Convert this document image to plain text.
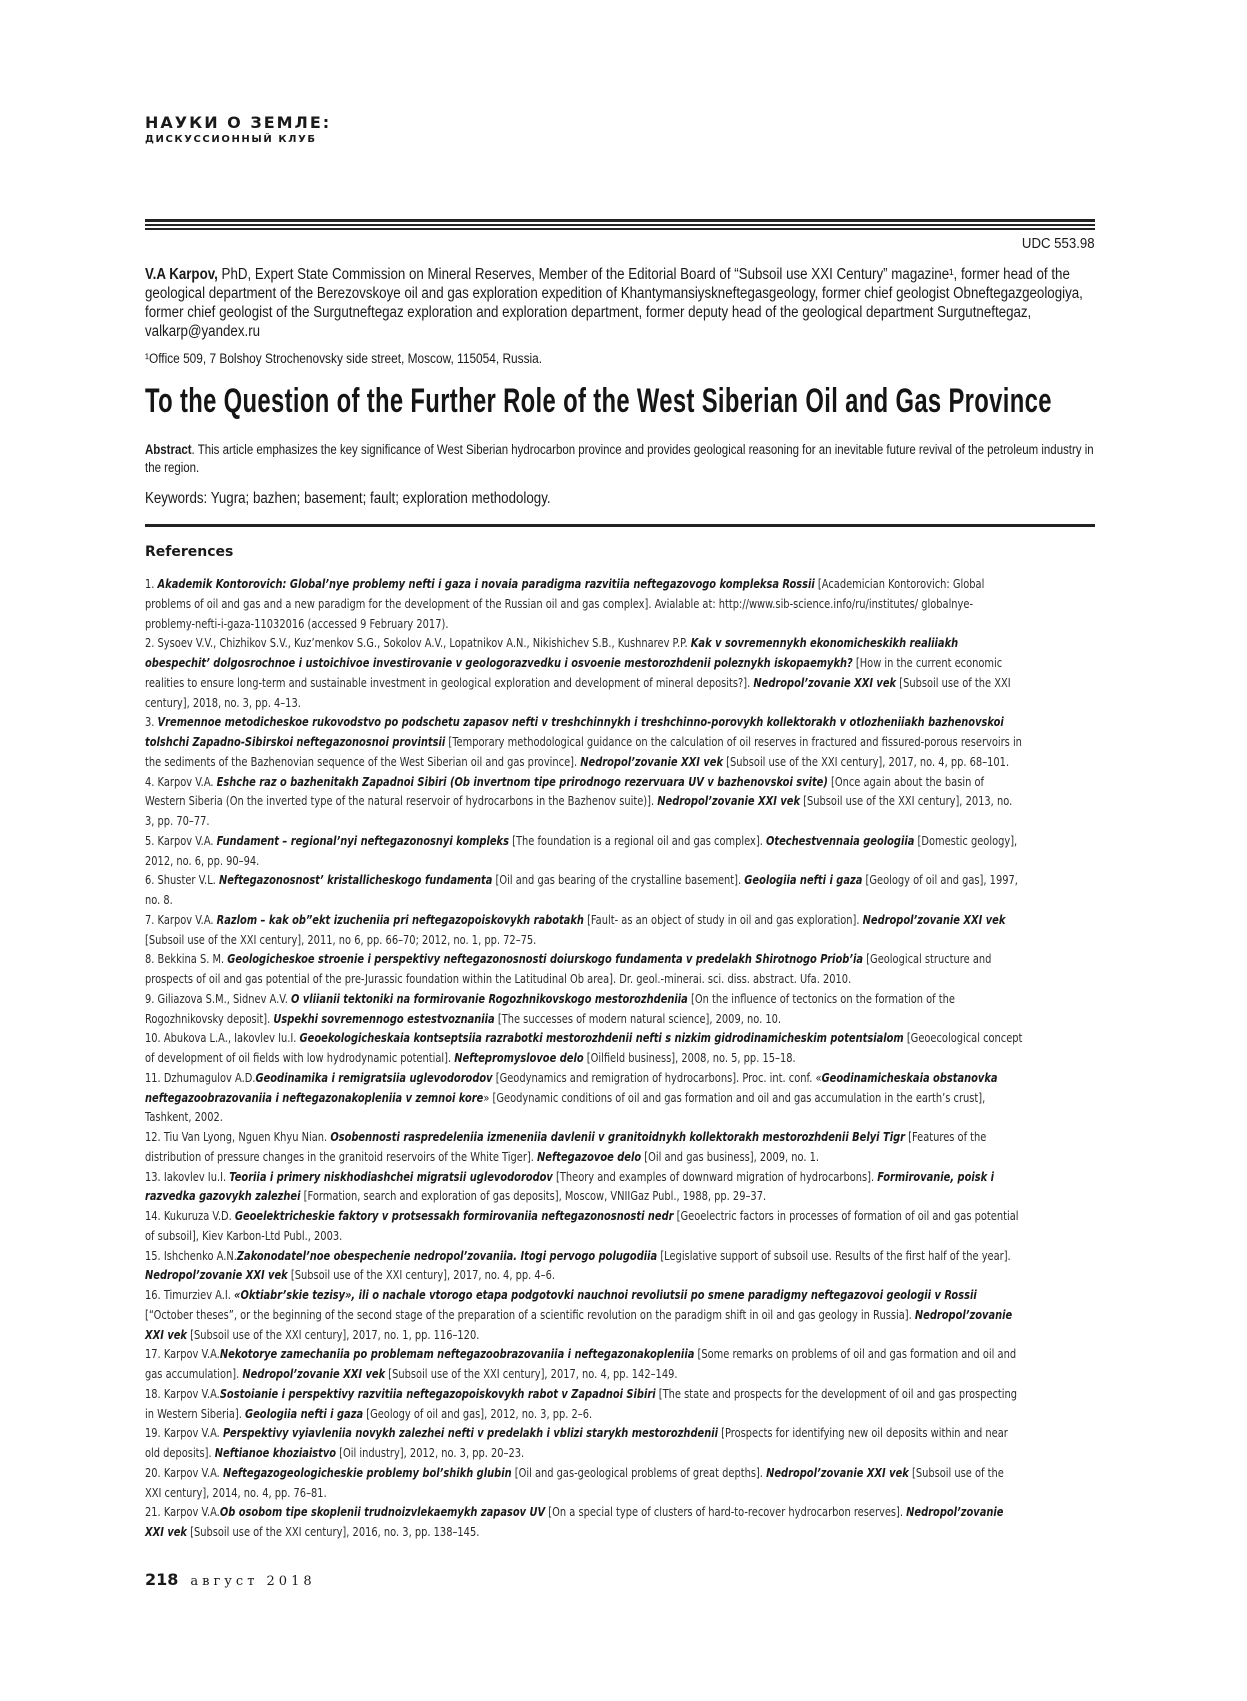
НАУКИ О ЗЕМЛЕ:
ДИСКУССИОННЫЙ КЛУБ
UDC 553.98
V.A Karpov, PhD, Expert State Commission on Mineral Reserves, Member of the Editorial Board of “Subsoil use XXI Century” magazine¹, former head of the geological department of the Berezovskoye oil and gas exploration expedition of Khantymansiyskneftegasgeology, former chief geologist Obneftegazgeologiya, former chief geologist of the Surgutneftegaz exploration and exploration department, former deputy head of the geological department Surgutneftegaz, valkarp@yandex.ru
¹Office 509, 7 Bolshoy Strochenovsky side street, Moscow, 115054, Russia.
To the Question of the Further Role of the West Siberian Oil and Gas Province
Abstract. This article emphasizes the key significance of West Siberian hydrocarbon province and provides geological reasoning for an inevitable future revival of the petroleum industry in the region.
Keywords: Yugra; bazhen; basement; fault; exploration methodology.
References

1. Akademik Kontorovich: Global’nye problemy nefti i gaza i novaia paradigma razvitiia neftegazovogo kompleksa Rossii [Academician Kontorovich: Global problems of oil and gas and a new paradigm for the development of the Russian oil and gas complex]. Avialable at: http://www.sib-science.info/ru/institutes/ globalnye-problemy-nefti-i-gaza-11032016 (accessed 9 February 2017).

2. Sysoev V.V., Chizhikov S.V., Kuz’menkov S.G., Sokolov A.V., Lopatnikov A.N., Nikishichev S.B., Kushnarev P.P. Kak v sovremennykh ekonomicheskikh realiiakh obespechit’ dolgosrochnoe i ustoichivoe investirovanie v geologorazvedku i osvoenie mestorozhdenii poleznykh iskopaemykh? [How in the current economic realities to ensure long-term and sustainable investment in geological exploration and development of mineral deposits?]. Nedropol’zovanie XXI vek [Subsoil use of the XXI century], 2018, no. 3, pp. 4–13.

3. Vremennoe metodicheskoe rukovodstvo po podschetu zapasov nefti v treshchinnykh i treshchinno-porovykh kollektorakh v otlozheniiakh bazhenovskoi tolshchi Zapadno-Sibirskoi neftegazonosnoi provintsii [Temporary methodological guidance on the calculation of oil reserves in fractured and fissured-porous reservoirs in the sediments of the Bazhenovian sequence of the West Siberian oil and gas province]. Nedropol’zovanie XXI vek [Subsoil use of the XXI century], 2017, no. 4, pp. 68–101.

4. Karpov V.A. Eshche raz o bazhenitakh Zapadnoi Sibiri (Ob invertnom tipe prirodnogo rezervuara UV v bazhenovskoi svite) [Once again about the basin of Western Siberia (On the inverted type of the natural reservoir of hydrocarbons in the Bazhenov suite)]. Nedropol’zovanie XXI vek [Subsoil use of the XXI century], 2013, no. 3, pp. 70–77.

5. Karpov V.A. Fundament – regional’nyi neftegazonosnyi kompleks [The foundation is a regional oil and gas complex]. Otechestvennaia geologiia [Domestic geology], 2012, no. 6, pp. 90–94.

6. Shuster V.L. Neftegazonosnost’ kristallicheskogo fundamenta [Oil and gas bearing of the crystalline basement]. Geologiia nefti i gaza [Geology of oil and gas], 1997, no. 8.

7. Karpov V.A. Razlom – kak ob”ekt izucheniia pri neftegazopoiskovykh rabotakh [Fault- as an object of study in oil and gas exploration]. Nedropol’zovanie XXI vek [Subsoil use of the XXI century], 2011, no 6, pp. 66–70; 2012, no. 1, pp. 72–75.

8. Bekkina S. M. Geologicheskoe stroenie i perspektivy neftegazonosnosti doiurskogo fundamenta v predelakh Shirotnogo Priob’ia [Geological structure and prospects of oil and gas potential of the pre-Jurassic foundation within the Latitudinal Ob area]. Dr. geol.-minerai. sci. diss. abstract. Ufa. 2010.

9. Giliazova S.M., Sidnev A.V. O vliianii tektoniki na formirovanie Rogozhnikovskogo mestorozhdeniia [On the influence of tectonics on the formation of the Rogozhnikovsky deposit]. Uspekhi sovremennogo estestvoznaniia [The successes of modern natural science], 2009, no. 10.

10. Abukova L.A., Iakovlev Iu.I. Geoekologicheskaia kontseptsiia razrabotki mestorozhdenii nefti s nizkim gidrodinamicheskim potentsialom [Geoecological concept of development of oil fields with low hydrodynamic potential]. Neftepromyslovoe delo [Oilfield business], 2008, no. 5, pp. 15–18.

11. Dzhumagulov A.D.Geodinamika i remigratsiia uglevodorodov [Geodynamics and remigration of hydrocarbons]. Proc. int. conf. «Geodinamicheskaia obstanovka neftegazoobrazovaniia i neftegazonakopleniia v zemnoi kore» [Geodynamic conditions of oil and gas formation and oil and gas accumulation in the earth’s crust], Tashkent, 2002.

12. Tiu Van Lyong, Nguen Khyu Nian. Osobennosti raspredeleniia izmeneniia davlenii v granitoidnykh kollektorakh mestorozhdenii Belyi Tigr [Features of the distribution of pressure changes in the granitoid reservoirs of the White Tiger]. Neftegazovoe delo [Oil and gas business], 2009, no. 1.

13. Iakovlev Iu.I. Teoriia i primery niskhodiashchei migratsii uglevodorodov [Theory and examples of downward migration of hydrocarbons]. Formirovanie, poisk i razvedka gazovykh zalezhei [Formation, search and exploration of gas deposits], Moscow, VNIIGaz Publ., 1988, pp. 29–37.

14. Kukuruza V.D. Geoelektricheskie faktory v protsessakh formirovaniia neftegazonosnosti nedr [Geoelectric factors in processes of formation of oil and gas potential of subsoil], Kiev Karbon-Ltd Publ., 2003.

15. Ishchenko A.N.Zakonodatel’noe obespechenie nedropol’zovaniia. Itogi pervogo polugodiia [Legislative support of subsoil use. Results of the first half of the year]. Nedropol’zovanie XXI vek [Subsoil use of the XXI century], 2017, no. 4, pp. 4–6.

16. Timurziev A.I. «Oktiabr’skie tezisy», ili o nachale vtorogo etapa podgotovki nauchnoi revoliutsii po smene paradigmy neftegazovoi geologii v Rossii [“October theses”, or the beginning of the second stage of the preparation of a scientific revolution on the paradigm shift in oil and gas geology in Russia]. Nedropol’zovanie XXI vek [Subsoil use of the XXI century], 2017, no. 1, pp. 116–120.

17. Karpov V.A.Nekotorye zamechaniia po problemam neftegazoobrazovaniia i neftegazonakopleniia [Some remarks on problems of oil and gas formation and oil and gas accumulation]. Nedropol’zovanie XXI vek [Subsoil use of the XXI century], 2017, no. 4, pp. 142–149.

18. Karpov V.A.Sostoianie i perspektivy razvitiia neftegazopoiskovykh rabot v Zapadnoi Sibiri [The state and prospects for the development of oil and gas prospecting in Western Siberia]. Geologiia nefti i gaza [Geology of oil and gas], 2012, no. 3, pp. 2–6.

19. Karpov V.A. Perspektivy vyiavleniia novykh zalezhei nefti v predelakh i vblizi starykh mestorozhdenii [Prospects for identifying new oil deposits within and near old deposits]. Neftianoe khoziaistvo [Oil industry], 2012, no. 3, pp. 20–23.

20. Karpov V.A. Neftegazogeologicheskie problemy bol’shikh glubin [Oil and gas-geological problems of great depths]. Nedropol’zovanie XXI vek [Subsoil use of the XXI century], 2014, no. 4, pp. 76–81.

21. Karpov V.A.Ob osobom tipe skoplenii trudnoizvlekaemykh zapasov UV [On a special type of clusters of hard-to-recover hydrocarbon reserves]. Nedropol’zovanie XXI vek [Subsoil use of the XXI century], 2016, no. 3, pp. 138–145.

218 август 2018
